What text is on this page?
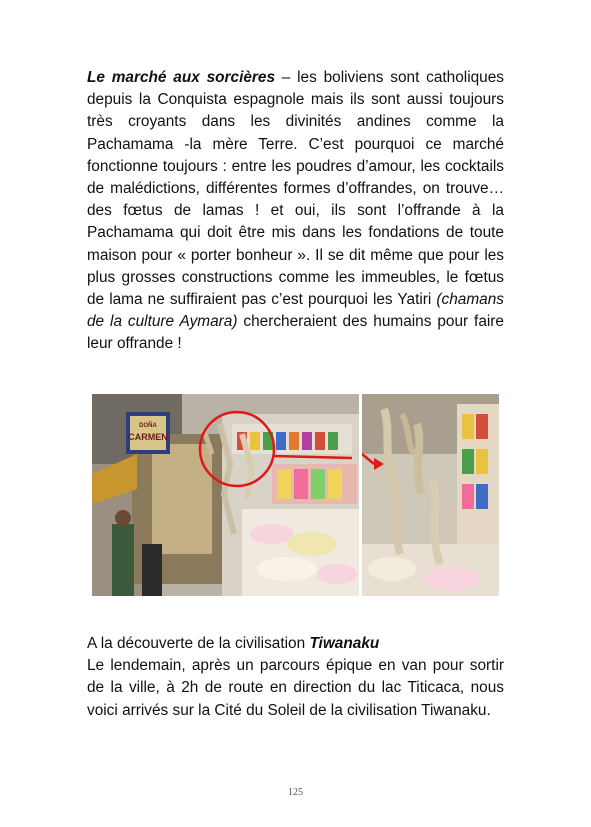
Le marché aux sorcières – les boliviens sont catholiques depuis la Conquista espagnole mais ils sont aussi toujours très croyants dans les divinités andines comme la Pachamama -la mère Terre. C’est pourquoi ce marché fonctionne toujours : entre les poudres d’amour, les cocktails de malédictions, différentes formes d’offrandes, on trouve… des fœtus de lamas ! et oui, ils sont l’offrande à la Pachamama qui doit être mis dans les fondations de toute maison pour « porter bonheur ». Il se dit même que pour les plus grosses constructions comme les immeubles, le fœtus de lama ne suffiraient pas c’est pourquoi les Yatiri (chamans de la culture Aymara) chercheraient des humains pour faire leur offrande !
DOÑA
CARMEN
A la découverte de la civilisation Tiwanaku
Le lendemain, après un parcours épique en van pour sortir de la ville, à 2h de route en direction du lac Titicaca, nous voici arrivés sur la Cité du Soleil de la civilisation Tiwanaku.
125
